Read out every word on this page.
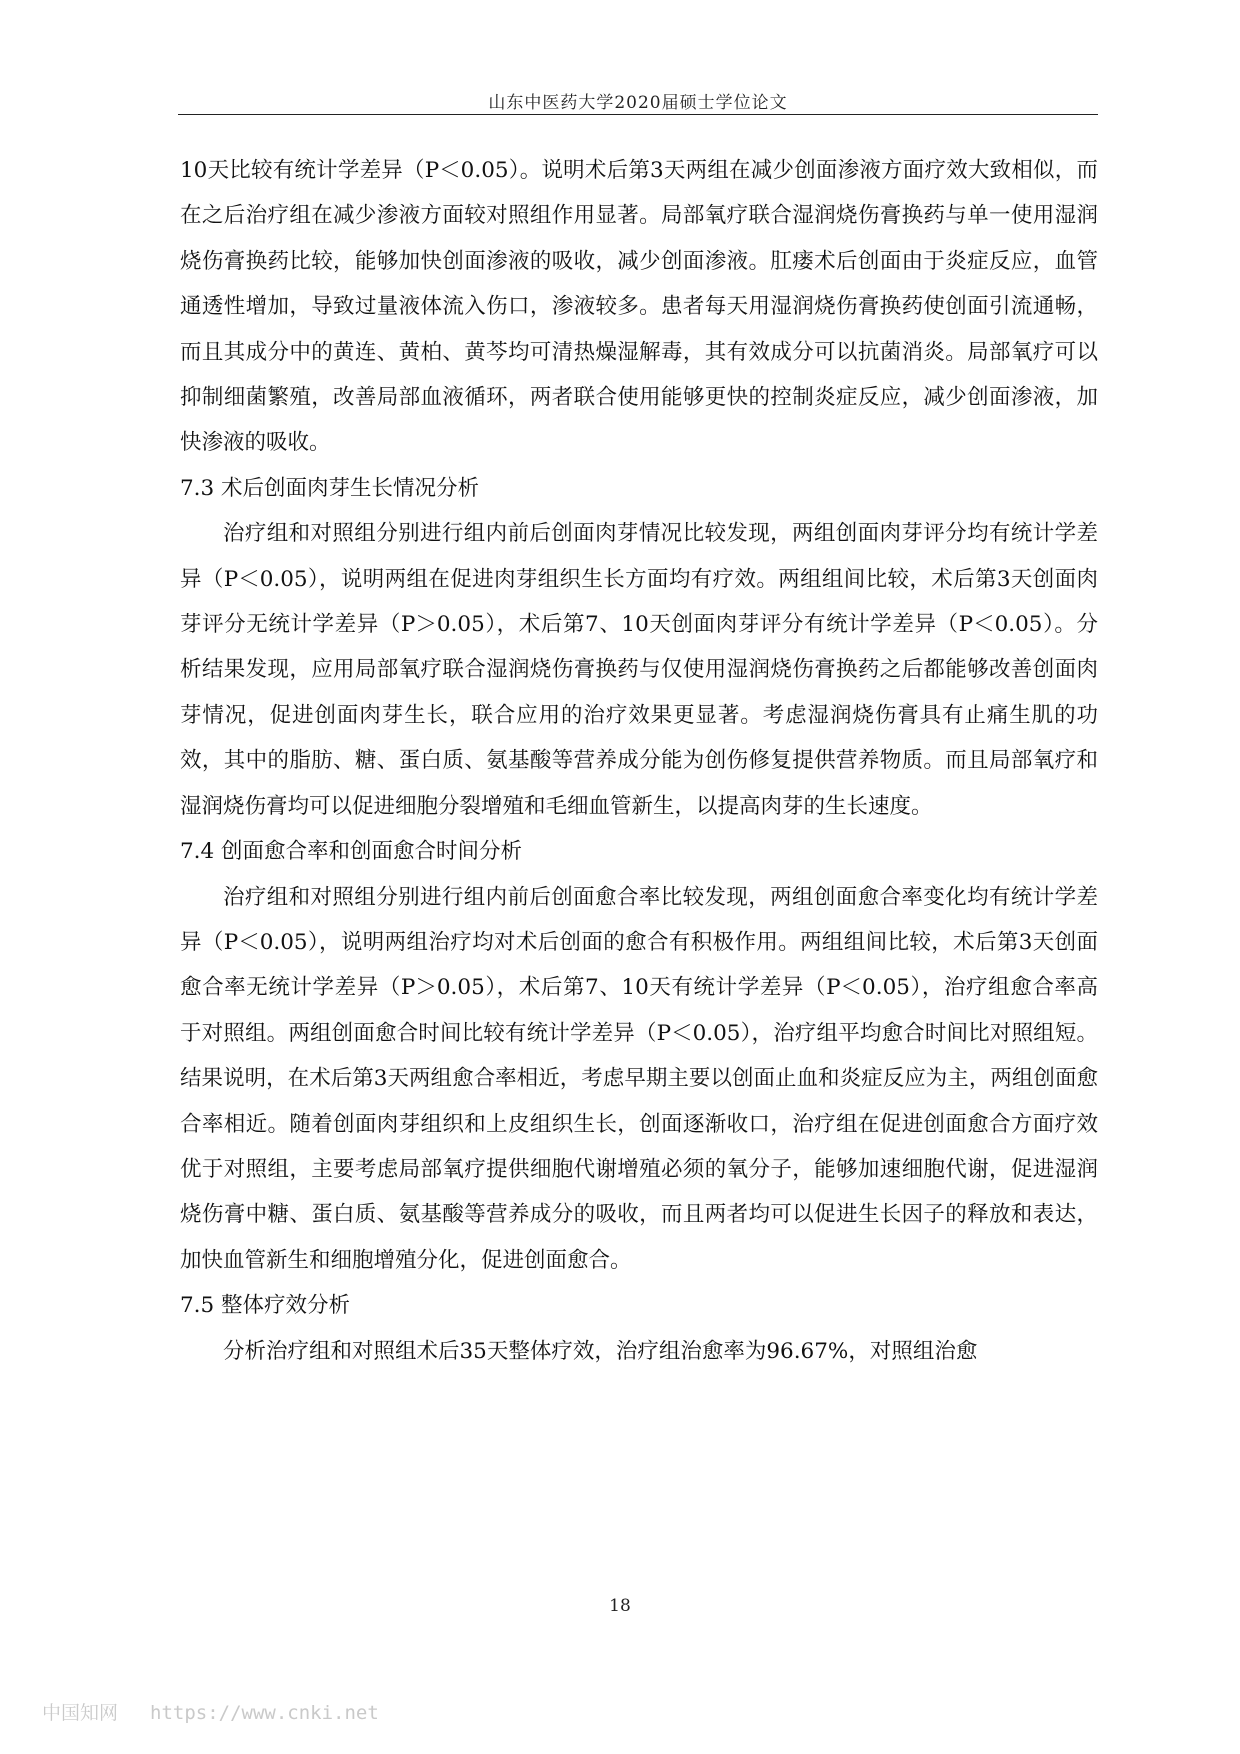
山东中医药大学2020届硕士学位论文

10天比较有统计学差异（P＜0.05）。说明术后第3天两组在减少创面渗液方面疗效大致相似，而在之后治疗组在减少渗液方面较对照组作用显著。局部氧疗联合湿润烧伤膏换药与单一使用湿润烧伤膏换药比较，能够加快创面渗液的吸收，减少创面渗液。肛瘘术后创面由于炎症反应，血管通透性增加，导致过量液体流入伤口，渗液较多。患者每天用湿润烧伤膏换药使创面引流通畅，而且其成分中的黄连、黄柏、黄芩均可清热燥湿解毒，其有效成分可以抗菌消炎。局部氧疗可以抑制细菌繁殖，改善局部血液循环，两者联合使用能够更快的控制炎症反应，减少创面渗液，加快渗液的吸收。

7.3 术后创面肉芽生长情况分析

治疗组和对照组分别进行组内前后创面肉芽情况比较发现，两组创面肉芽评分均有统计学差异（P＜0.05），说明两组在促进肉芽组织生长方面均有疗效。两组组间比较，术后第3天创面肉芽评分无统计学差异（P＞0.05），术后第7、10天创面肉芽评分有统计学差异（P＜0.05）。分析结果发现，应用局部氧疗联合湿润烧伤膏换药与仅使用湿润烧伤膏换药之后都能够改善创面肉芽情况，促进创面肉芽生长，联合应用的治疗效果更显著。考虑湿润烧伤膏具有止痛生肌的功效，其中的脂肪、糖、蛋白质、氨基酸等营养成分能为创伤修复提供营养物质。而且局部氧疗和湿润烧伤膏均可以促进细胞分裂增殖和毛细血管新生，以提高肉芽的生长速度。

7.4 创面愈合率和创面愈合时间分析

治疗组和对照组分别进行组内前后创面愈合率比较发现，两组创面愈合率变化均有统计学差异（P＜0.05），说明两组治疗均对术后创面的愈合有积极作用。两组组间比较，术后第3天创面愈合率无统计学差异（P＞0.05），术后第7、10天有统计学差异（P＜0.05），治疗组愈合率高于对照组。两组创面愈合时间比较有统计学差异（P＜0.05），治疗组平均愈合时间比对照组短。结果说明，在术后第3天两组愈合率相近，考虑早期主要以创面止血和炎症反应为主，两组创面愈合率相近。随着创面肉芽组织和上皮组织生长，创面逐渐收口，治疗组在促进创面愈合方面疗效优于对照组，主要考虑局部氧疗提供细胞代谢增殖必须的氧分子，能够加速细胞代谢，促进湿润烧伤膏中糖、蛋白质、氨基酸等营养成分的吸收，而且两者均可以促进生长因子的释放和表达，加快血管新生和细胞增殖分化，促进创面愈合。

7.5 整体疗效分析

分析治疗组和对照组术后35天整体疗效，治疗组治愈率为96.67%，对照组治愈

18
中国知网 https://www.cnki.net
